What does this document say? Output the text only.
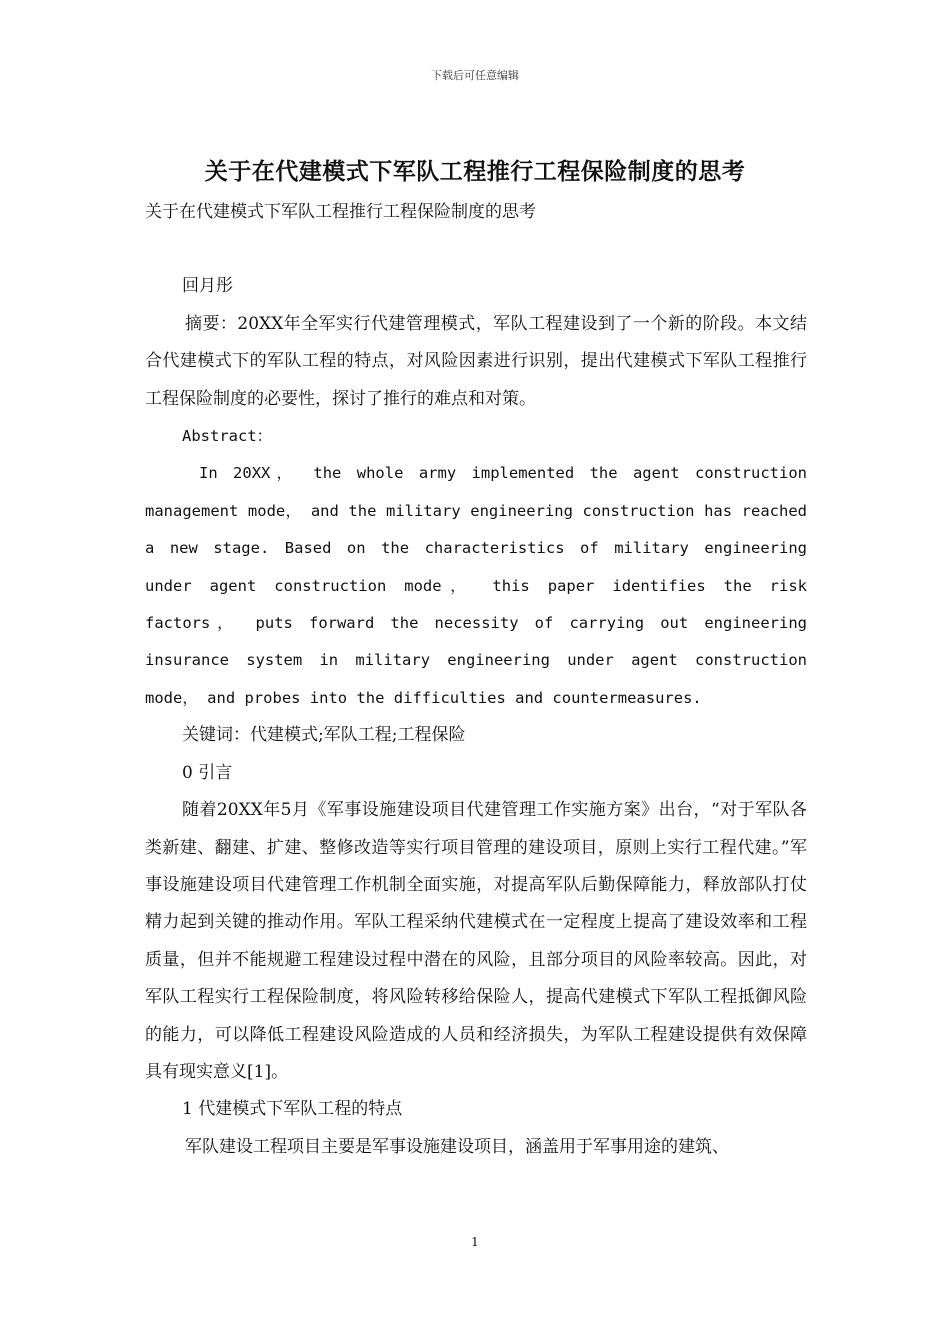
下载后可任意编辑
关于在代建模式下军队工程推行工程保险制度的思考

关于在代建模式下军队工程推行工程保险制度的思考

回月彤

摘要：20XX年全军实行代建管理模式，军队工程建设到了一个新的阶段。本文结合代建模式下的军队工程的特点，对风险因素进行识别，提出代建模式下军队工程推行工程保险制度的必要性，探讨了推行的难点和对策。

Abstract：

In 20XX， the whole army implemented the agent construction management mode， and the military engineering construction has reached a new stage. Based on the characteristics of military engineering under agent construction mode， this paper identifies the risk factors， puts forward the necessity of carrying out engineering insurance system in military engineering under agent construction mode， and probes into the difficulties and countermeasures.

关键词：代建模式;军队工程;工程保险

0 引言

随着20XX年5月《军事设施建设项目代建管理工作实施方案》出台，“对于军队各类新建、翻建、扩建、整修改造等实行项目管理的建设项目，原则上实行工程代建。”军事设施建设项目代建管理工作机制全面实施，对提高军队后勤保障能力，释放部队打仗精力起到关键的推动作用。军队工程采纳代建模式在一定程度上提高了建设效率和工程质量，但并不能规避工程建设过程中潜在的风险，且部分项目的风险率较高。因此，对军队工程实行工程保险制度，将风险转移给保险人，提高代建模式下军队工程抵御风险的能力，可以降低工程建设风险造成的人员和经济损失，为军队工程建设提供有效保障具有现实意义[1]。

1 代建模式下军队工程的特点

军队建设工程项目主要是军事设施建设项目，涵盖用于军事用途的建筑、

1
